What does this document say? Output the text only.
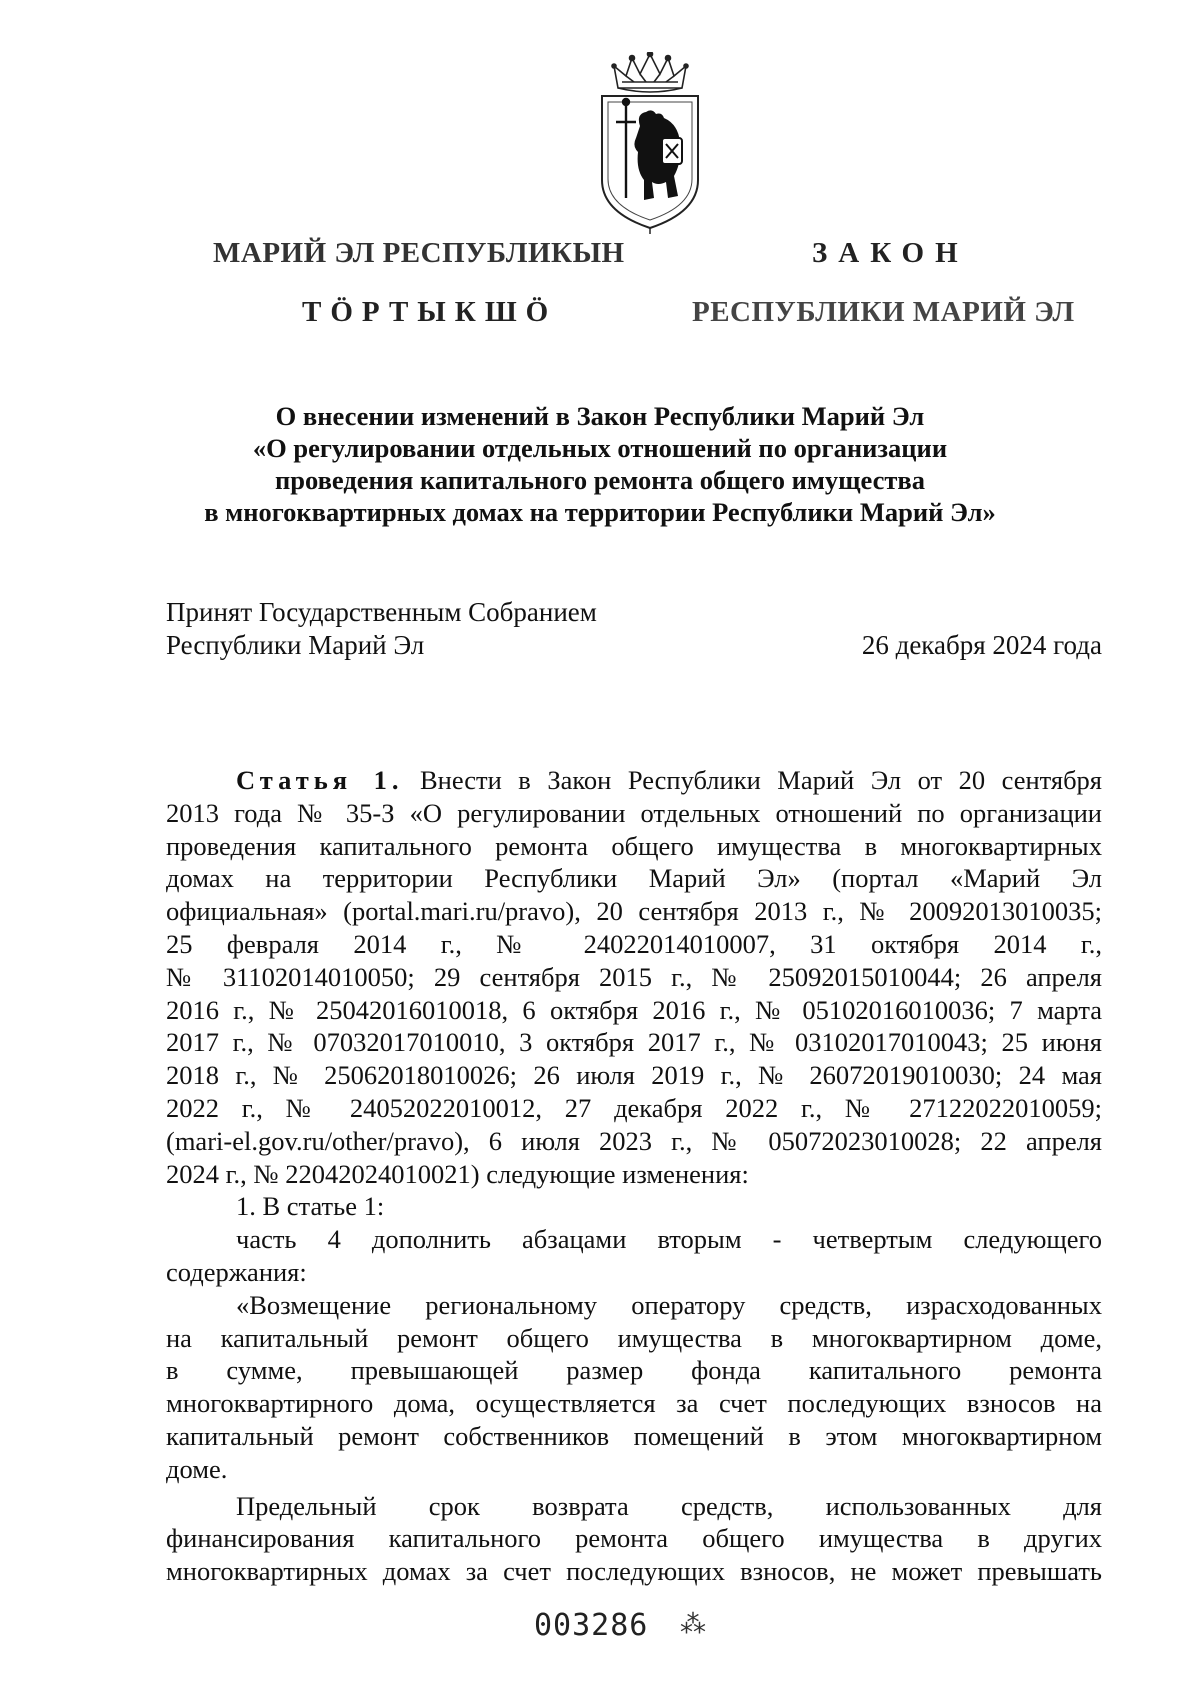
МАРИЙ ЭЛ РЕСПУБЛИКЫН
ТӦРТЫКШӦ
ЗАКОН
РЕСПУБЛИКИ МАРИЙ ЭЛ
О внесении изменений в Закон Республики Марий Эл
«О регулировании отдельных отношений по организации
проведения капитального ремонта общего имущества
в многоквартирных домах на территории Республики Марий Эл»
Принят Государственным Собранием
Республики Марий Эл	26 декабря 2024 года
Статья 1. Внести в Закон Республики Марий Эл от 20 сентября
2013 года № 35-З «О регулировании отдельных отношений по организации
проведения капитального ремонта общего имущества в многоквартирных
домах на территории Республики Марий Эл» (портал «Марий Эл
официальная» (portal.mari.ru/pravo), 20 сентября 2013 г., № 20092013010035;
25 февраля 2014 г., № 24022014010007, 31 октября 2014 г.,
№ 31102014010050; 29 сентября 2015 г., № 25092015010044; 26 апреля
2016 г., № 25042016010018, 6 октября 2016 г., № 05102016010036; 7 марта
2017 г., № 07032017010010, 3 октября 2017 г., № 03102017010043; 25 июня
2018 г., № 25062018010026; 26 июля 2019 г., № 26072019010030; 24 мая
2022 г., № 24052022010012, 27 декабря 2022 г., № 27122022010059;
(mari-el.gov.ru/other/pravo), 6 июля 2023 г., № 05072023010028; 22 апреля
2024 г., № 22042024010021) следующие изменения:
1. В статье 1:
часть 4 дополнить абзацами вторым - четвертым следующего
содержания:
«Возмещение региональному оператору средств, израсходованных
на капитальный ремонт общего имущества в многоквартирном доме,
в сумме, превышающей размер фонда капитального ремонта
многоквартирного дома, осуществляется за счет последующих взносов на
капитальный ремонт собственников помещений в этом многоквартирном
доме.
Предельный срок возврата средств, использованных для
финансирования капитального ремонта общего имущества в других
многоквартирных домах за счет последующих взносов, не может превышать
003286 ⁂
